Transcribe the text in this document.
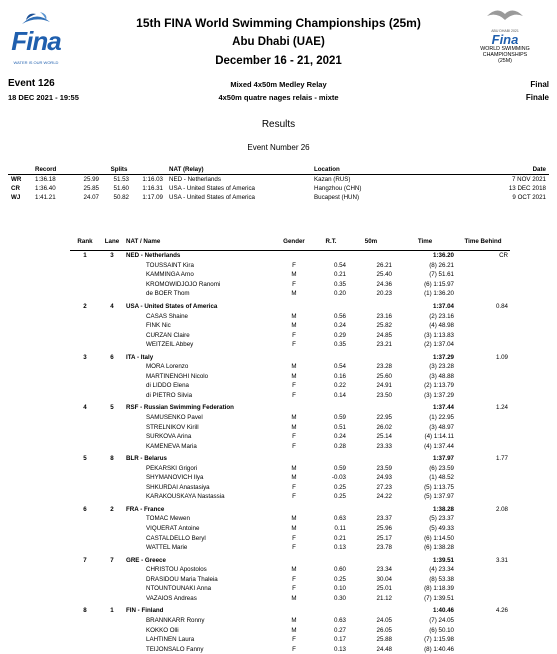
Fina
WATER IS OUR WORLD
ABU DHABI 2021
Fina
WORLD SWIMMING
CHAMPIONSHIPS
(25M)
15th FINA World Swimming Championships (25m)
Abu Dhabi (UAE)
December 16 - 21, 2021
Event 126
18 DEC 2021 - 19:55
Mixed 4x50m Medley Relay
4x50m quatre nages relais - mixte
Final
Finale
Results
Event Number 26
	Record	Splits			NAT (Relay)	Location	Date
WR	1:36.18	25.99	51.53	1:16.03	NED - Netherlands	Kazan (RUS)	7 NOV 2021
CR	1:36.40	25.85	51.60	1:16.31	USA - United States of America	Hangzhou (CHN)	13 DEC 2018
WJ	1:41.21	24.07	50.82	1:17.09	USA - United States of America	Bucapest (HUN)	9 OCT 2021
Rank	Lane	NAT / Name	Gender	R.T.	50m	Time	Time Behind
1	3	NED - Netherlands				1:36.20	CR
		TOUSSAINT Kira	F	0.54	26.21	(8) 26.21	
		KAMMINGA Arno	M	0.21	25.40	(7) 51.61	
		KROMOWIDJOJO Ranomi	F	0.35	24.36	(6) 1:15.97	
		de BOER Thom	M	0.20	20.23	(1) 1:36.20	

2	4	USA - United States of America				1:37.04	0.84
		CASAS Shaine	M	0.56	23.16	(2) 23.16	
		FINK Nic	M	0.24	25.82	(4) 48.98	
		CURZAN Claire	F	0.29	24.85	(3) 1:13.83	
		WEITZEIL Abbey	F	0.35	23.21	(2) 1:37.04	

3	6	ITA - Italy				1:37.29	1.09
		MORA Lorenzo	M	0.54	23.28	(3) 23.28	
		MARTINENGHI Nicolo	M	0.16	25.60	(3) 48.88	
		di LIDDO Elena	F	0.22	24.91	(2) 1:13.79	
		di PIETRO Silvia	F	0.14	23.50	(3) 1:37.29	

4	5	RSF - Russian Swimming Federation				1:37.44	1.24
		SAMUSENKO Pavel	M	0.59	22.95	(1) 22.95	
		STRELNIKOV Kirill	M	0.51	26.02	(3) 48.97	
		SURKOVA Arina	F	0.24	25.14	(4) 1:14.11	
		KAMENEVA Maria	F	0.28	23.33	(4) 1:37.44	

5	8	BLR - Belarus				1:37.97	1.77
		PEKARSKI Grigori	M	0.59	23.59	(6) 23.59	
		SHYMANOVICH Ilya	M	-0.03	24.93	(1) 48.52	
		SHKURDAI Anastasiya	F	0.25	27.23	(5) 1:13.75	
		KARAKOUSKAYA Nastassia	F	0.25	24.22	(5) 1:37.97	

6	2	FRA - France				1:38.28	2.08
		TOMAC Mewen	M	0.63	23.37	(5) 23.37	
		VIQUERAT Antoine	M	0.11	25.96	(5) 49.33	
		CASTALDELLO Beryl	F	0.21	25.17	(6) 1:14.50	
		WATTEL Marie	F	0.13	23.78	(6) 1:38.28	

7	7	GRE - Greece				1:39.51	3.31
		CHRISTOU Apostolos	M	0.60	23.34	(4) 23.34	
		DRASIDOU Maria Thaleia	F	0.25	30.04	(8) 53.38	
		NTOUNTOUNAKI Anna	F	0.10	25.01	(8) 1:18.39	
		VAZAIOS Andreas	M	0.30	21.12	(7) 1:39.51	

8	1	FIN - Finland				1:40.46	4.26
		BRANNKARR Ronny	M	0.63	24.05	(7) 24.05	
		KOKKO Olli	M	0.27	26.05	(6) 50.10	
		LAHTINEN Laura	F	0.17	25.88	(7) 1:15.98	
		TEIJONSALO Fanny	F	0.13	24.48	(8) 1:40.46	
